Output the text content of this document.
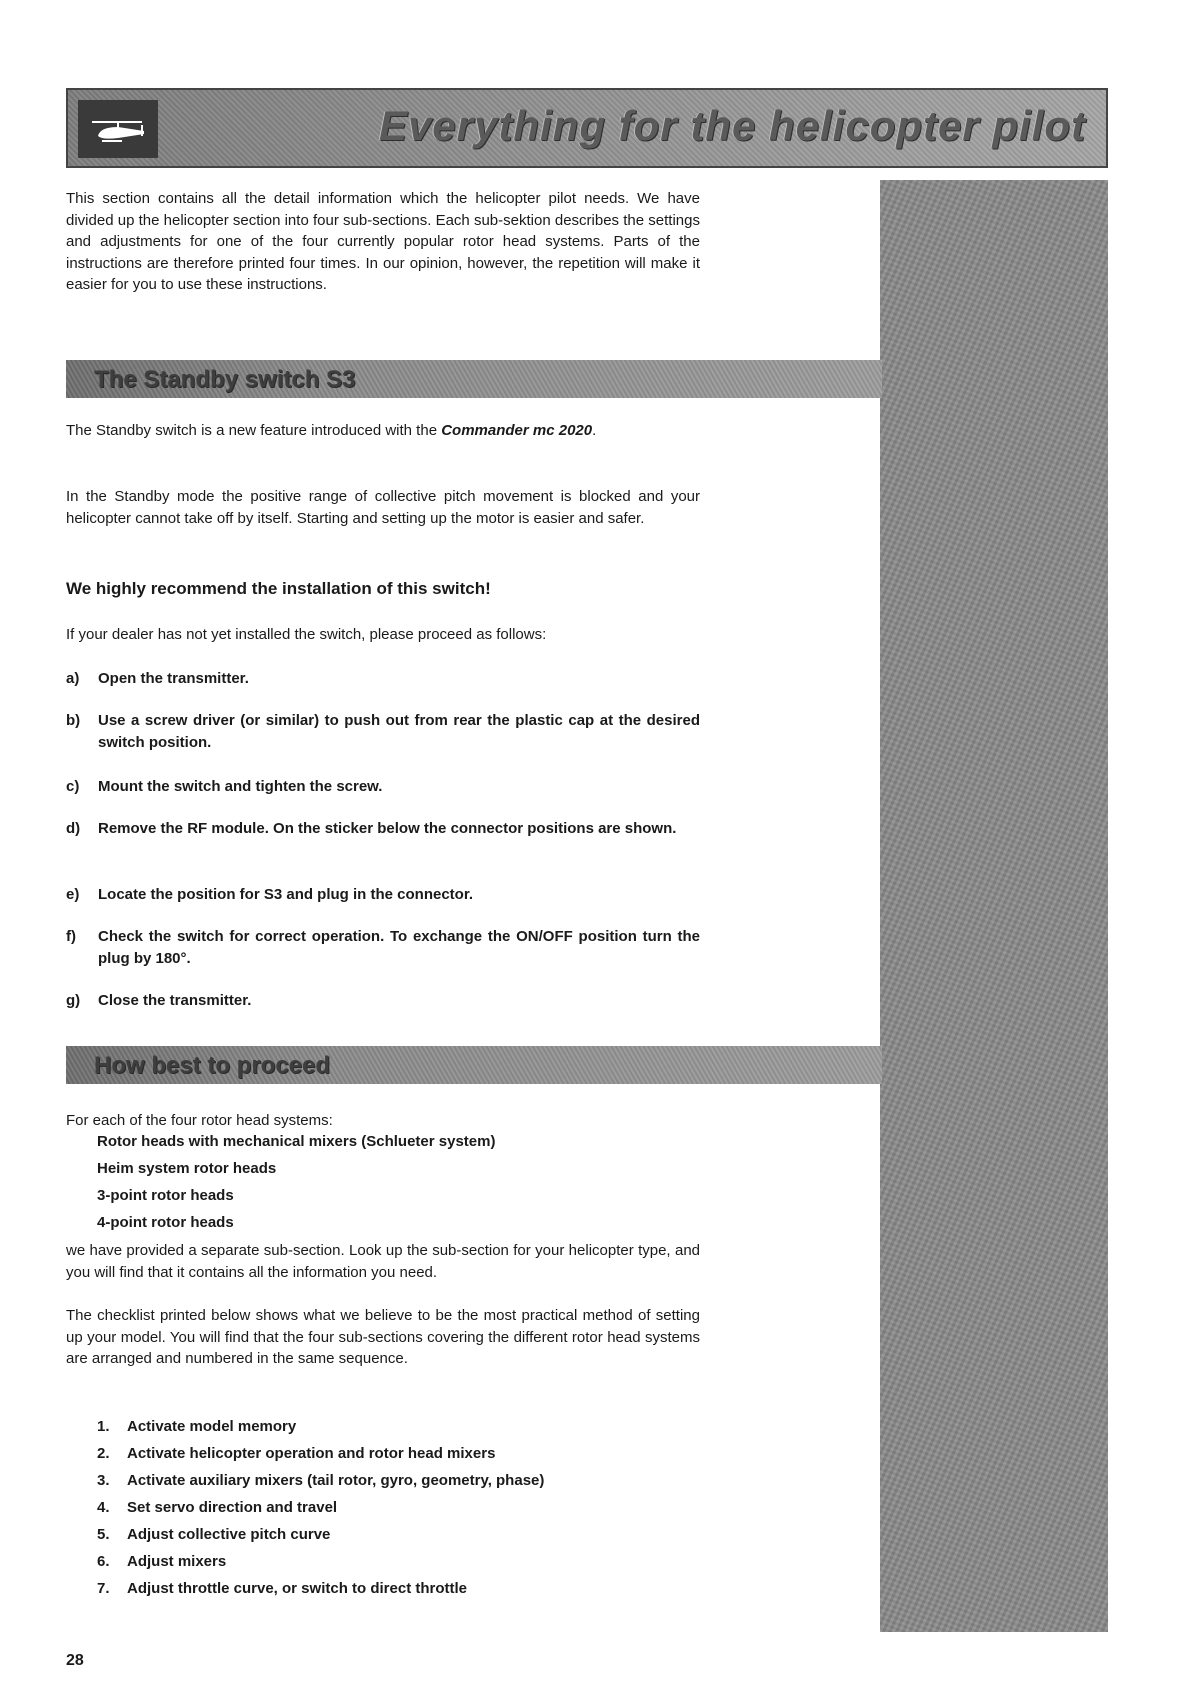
Everything for the helicopter pilot
This section contains all the detail information which the helicopter pilot needs. We have divided up the helicopter section into four sub-sections. Each sub-sektion describes the settings and adjustments for one of the four currently popular rotor head systems. Parts of the instructions are therefore printed four times. In our opinion, however, the repetition will make it easier for you to use these instructions.
The Standby switch S3
The Standby switch is a new feature introduced with the Commander mc 2020.
In the Standby mode the positive range of collective pitch movement is blocked and your helicopter cannot take off by itself. Starting and setting up the motor is easier and safer.
We highly recommend the installation of this switch!
If your dealer has not yet installed the switch, please proceed as follows:
a)	Open the transmitter.
b)	Use a screw driver (or similar) to push out from rear the plastic cap at the desired switch position.
c)	Mount the switch and tighten the screw.
d)	Remove the RF module. On the sticker below the connector positions are shown.
e)	Locate the position for S3 and plug in the connector.
f)	Check the switch for correct operation. To exchange the ON/OFF position turn the plug by 180°.
g)	Close the transmitter.
How best to proceed
For each of the four rotor head systems:
Rotor heads with mechanical mixers (Schlueter system)
Heim system rotor heads
3-point rotor heads
4-point rotor heads
we have provided a separate sub-section. Look up the sub-section for your helicopter type, and you will find that it contains all the information you need.
The checklist printed below shows what we believe to be the most practical method of setting up your model. You will find that the four sub-sections covering the different rotor head systems are arranged and numbered in the same sequence.
1.	Activate model memory
2.	Activate helicopter operation and rotor head mixers
3.	Activate auxiliary mixers (tail rotor, gyro, geometry, phase)
4.	Set servo direction and travel
5.	Adjust collective pitch curve
6.	Adjust mixers
7.	Adjust throttle curve, or switch to direct throttle
28
